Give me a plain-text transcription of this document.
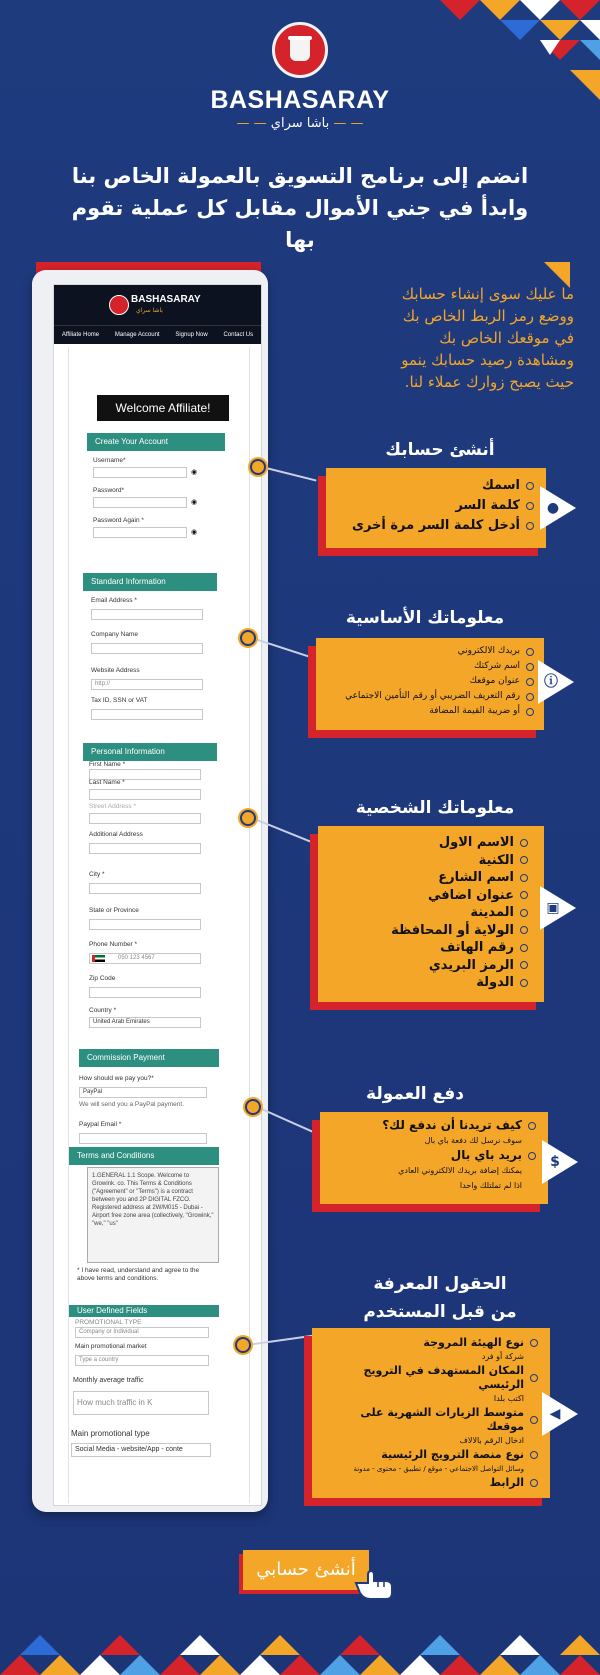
BASHASARAY
— — باشا سراي — —
انضم إلى برنامج التسويق بالعمولة الخاص بنا
وابدأ في جني الأموال مقابل كل عملية تقوم بها
ما عليك سوى إنشاء حسابك
ووضع رمز الربط الخاص بك
في موقعك الخاص بك
ومشاهدة رصيد حسابك ينمو
حيث يصبح زوارك عملاء لنا.
BASHASARAY
باشا سراي
Affiliate Home	Manage Account	Signup Now	Contact Us
Welcome Affiliate!
Create Your Account
Username*
◉
Password*
◉
Password Again *
◉
Standard Information
Email Address *
Company Name
Website Address
http://
Tax ID, SSN or VAT
Personal Information
First Name *
Last Name *
Street Address *
Additional Address
City *
State or Province
Phone Number *
050 123 4567
Zip Code
Country *
United Arab Emirates
Commission Payment
How should we pay you?*
PayPal
We will send you a PayPal payment.
Paypal Email *
Terms and Conditions
1.GENERAL 1.1 Scope. Welcome to Growink. co. This Terms & Conditions ("Agreement" or "Terms") is a contract between you and 2P DIGITAL FZCO. Registered address at 2W/M015 - Dubai - Airport free zone area (collectively, "Growink," "we," "us"
* I have read, understand and agree to the above terms and conditions.
User Defined Fields
PROMOTIONAL TYPE
Company or Individual
Main promotional market
Type a country
Monthly average traffic
How much traffic in K
Main promotional type
Social Media - website/App - conte
أنشئ حسابك
اسمك
كلمة السر
أدخل كلمة السر مرة أخرى
●
معلوماتك الأساسية
بريدك الالكتروني
اسم شركتك
عنوان موقعك
رقم التعريف الضريبي أو رقم التأمين الاجتماعي
أو ضريبة القيمة المضافة
ⓘ
معلوماتك الشخصية
الاسم الاول
الكنية
اسم الشارع
عنوان اضافي
المدينة
الولاية أو المحافظة
رقم الهاتف
الرمز البريدي
الدولة
▣
دفع العمولة
كيف تريدنا أن ندفع لك؟
سوف نرسل لك دفعة باي بال
بريد باي بال
يمكنك إضافة بريدك الالكتروني العادي
اذا لم تملتلك واحدا
$
الحقول المعرفة
من قبل المستخدم
نوع الهيئة المروجة
شركة أو فرد
المكان المستهدف في الترويج الرئيسي
اكتب بلدا
متوسط الزيارات الشهرية على موقعك
ادخال الرقم بالالاف
نوع منصة الترويج الرئيسية
وسائل التواصل الاجتماعي - موقع / تطبيق - محتوى - مدونة
الرابط
◀
أنشئ حسابي
